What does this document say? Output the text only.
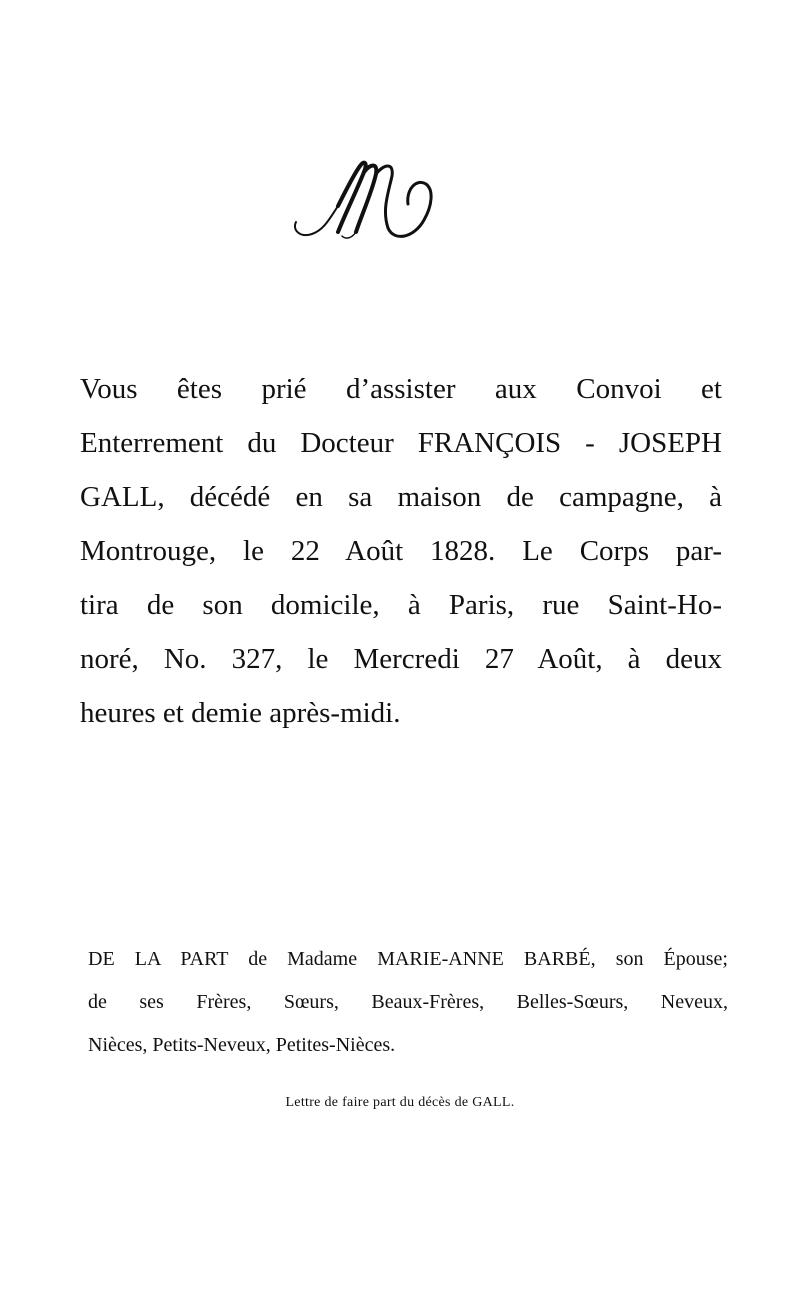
Vous êtes prié d’assister aux Convoi et
Enterrement du Docteur FRANÇOIS - JOSEPH
GALL, décédé en sa maison de campagne, à
Montrouge, le 22 Août 1828. Le Corps par-
tira de son domicile, à Paris, rue Saint-Ho-
noré, No. 327, le Mercredi 27 Août, à deux
heures et demie après-midi.
DE LA PART de Madame MARIE-ANNE BARBÉ, son Épouse;
de ses Frères, Sœurs, Beaux-Frères, Belles-Sœurs, Neveux,
Nièces, Petits-Neveux, Petites-Nièces.
Lettre de faire part du décès de GALL.
